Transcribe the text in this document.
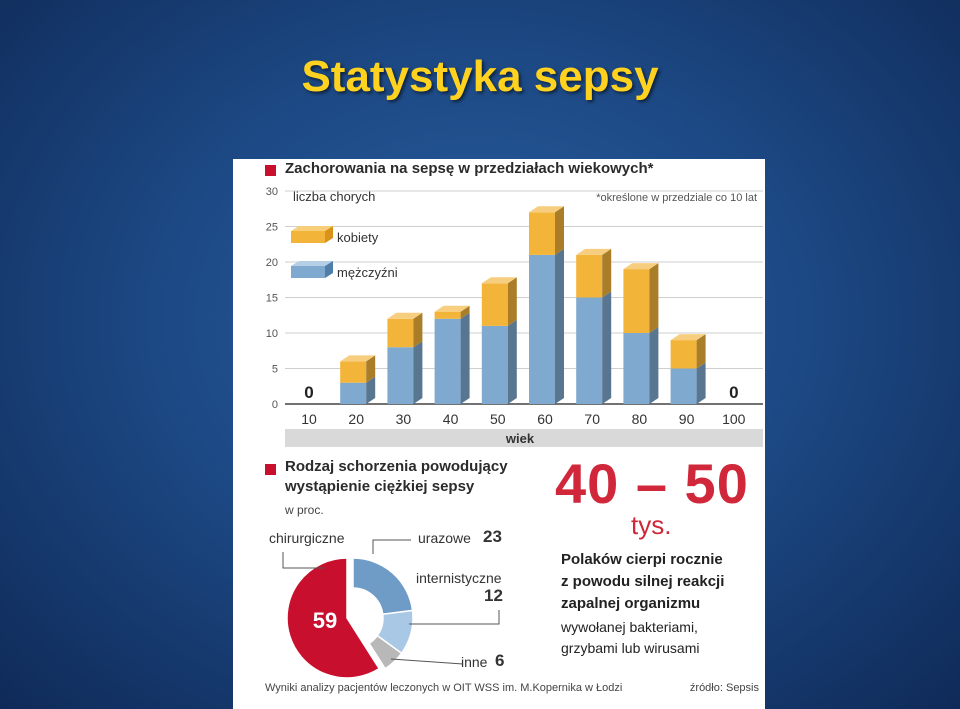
Statystyka sepsy
Zachorowania na sepsę w przedziałach wiekowych*
0
5
10
15
20
25
30
0
10 20 30 40 50 60 70 80 90
0
100
liczba chorych	*określone w przedziale co 10 lat
kobiety
mężczyźni
wiek
Rodzaj schorzenia powodujący
wystąpienie ciężkiej sepsy
w proc.
59
chirurgiczne	urazowe 23
internistyczne
12
inne 6
40 – 50
tys.
Polaków cierpi rocznie
z powodu silnej reakcji
zapalnej organizmu
wywołanej bakteriami,
grzybami lub wirusami
Wyniki analizy pacjentów leczonych w OIT WSS im. M.Kopernika w Łodzi	źródło: Sepsis
